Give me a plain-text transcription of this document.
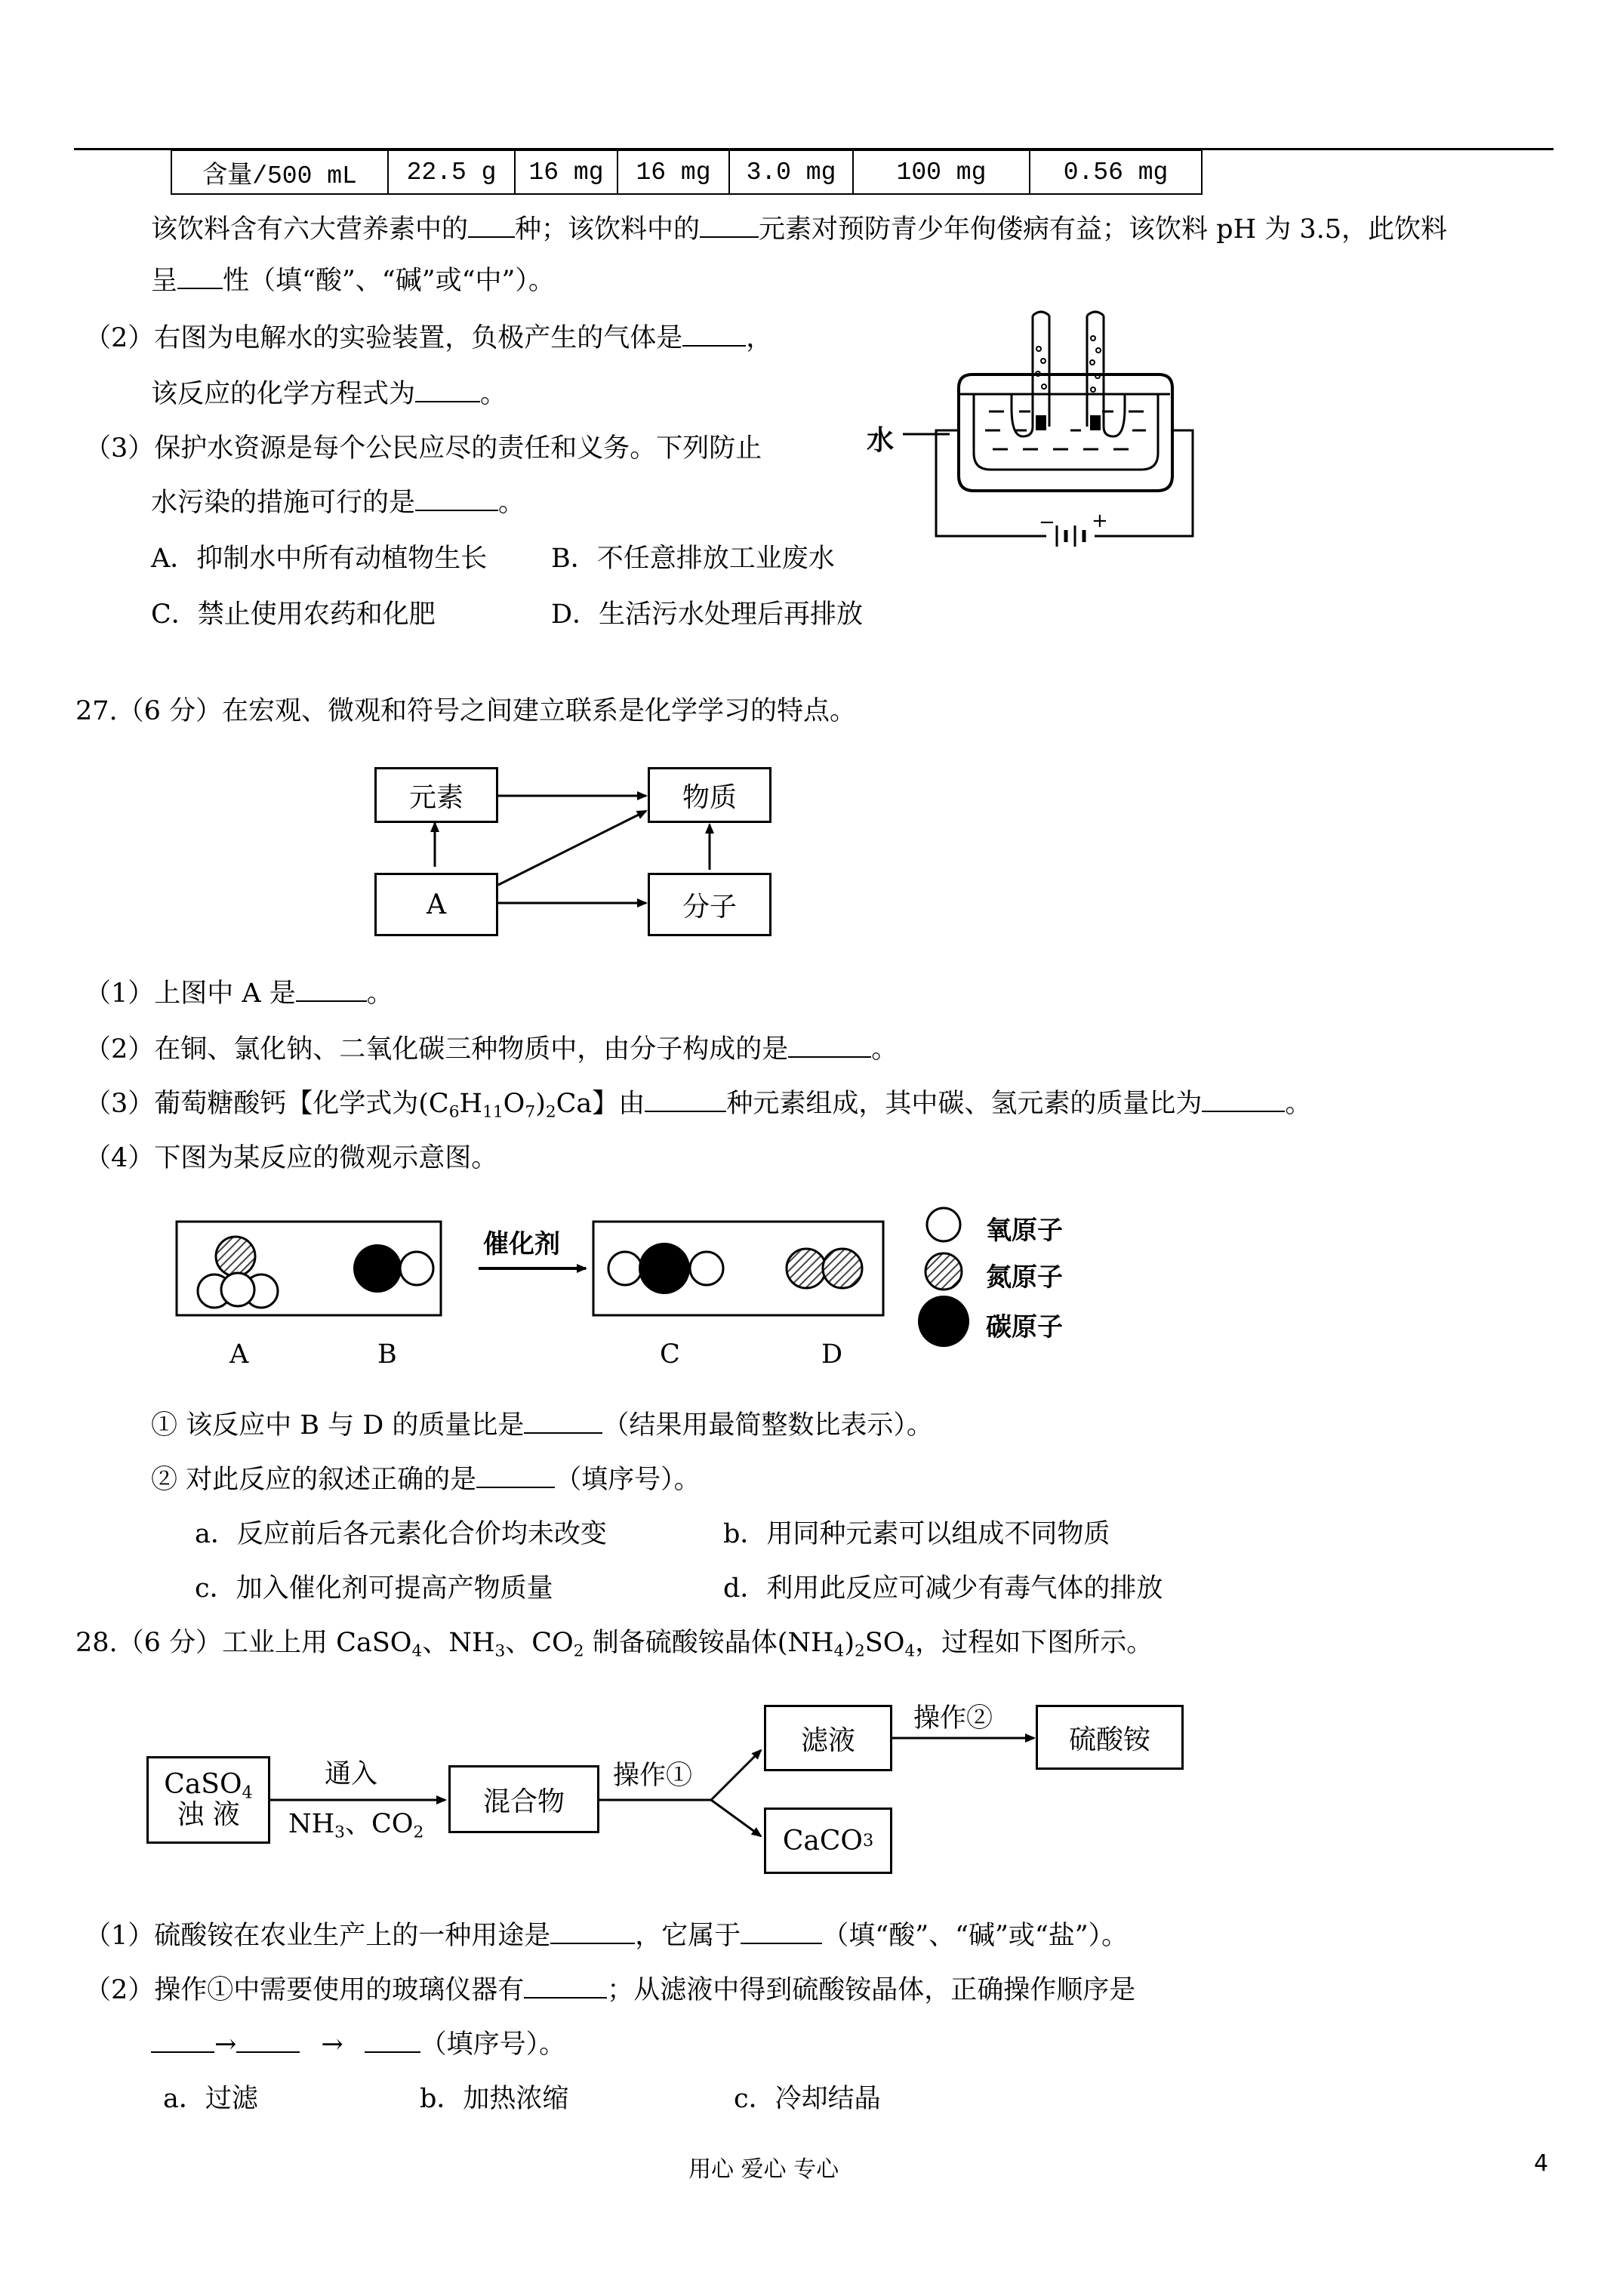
含量/500 mL	22.5 g	16 mg	16 mg	3.0 mg	100 mg	0.56 mg
该饮料含有六大营养素中的 种；该饮料中的 元素对预防青少年佝偻病有益；该饮料 pH 为 3.5，此饮料
呈 性（填“酸”、“碱”或“中”）。
（2）右图为电解水的实验装置，负极产生的气体是 ，
该反应的化学方程式为 。
（3）保护水资源是每个公民应尽的责任和义务。下列防止
水污染的措施可行的是	。
A．抑制水中所有动植物生长 B．不任意排放工业废水
C．禁止使用农药和化肥	D．生活污水处理后再排放
水
− +
27.（6 分）在宏观、微观和符号之间建立联系是化学学习的特点。
元素	物质
A	分子
（1）上图中 A 是	。
（2）在铜、氯化钠、二氧化碳三种物质中，由分子构成的是	。
（3）葡萄糖酸钙【化学式为$(C_6H_{11}O_7)_2Ca$】由	种元素组成，其中碳、氢元素的质量比为	。
（4）下图为某反应的微观示意图。
催化剂	氧原子
氮原子
碳原子
A	B	C	D
① 该反应中 B 与 D 的质量比是	（结果用最简整数比表示）。
② 对此反应的叙述正确的是	（填序号）。
a．反应前后各元素化合价均未改变	b．用同种元素可以组成不同物质
c．加入催化剂可提高产物质量	d．利用此反应可减少有毒气体的排放
28.（6 分）工业上用 CaSO$_4$、$NH_3$、$CO_2$ 制备硫酸铵晶体$(NH_4)_2SO_4$，过程如下图所示。
CaSO$_4$
浊 液
通入
$NH_3$、$CO_2$
混合物
操作①
滤液
操作②
硫酸铵
CaCO 3
（1）硫酸铵在农业生产上的一种用途是	，它属于	（填“酸”、“碱”或“盐”）。
（2）操作①中需要使用的玻璃仪器有	；从滤液中得到硫酸铵晶体，正确操作顺序是
→	→	（填序号）。
a．过滤	b．加热浓缩	c．冷却结晶
用心 爱心 专心	4
